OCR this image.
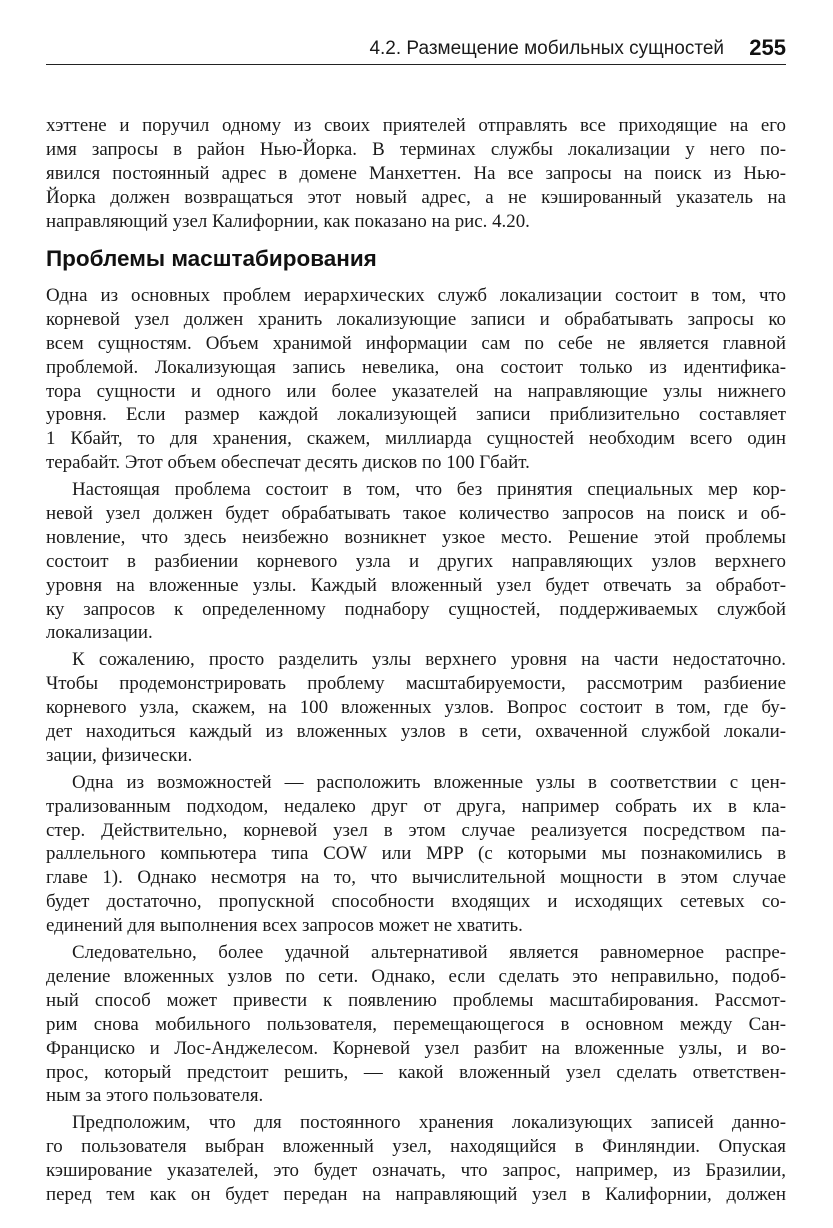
4.2. Размещение мобильных сущностей 255
хэттене и поручил одному из своих приятелей отправлять все приходящие на его
имя запросы в район Нью-Йорка. В терминах службы локализации у него по-
явился постоянный адрес в домене Манхеттен. На все запросы на поиск из Нью-
Йорка должен возвращаться этот новый адрес, а не кэшированный указатель на
направляющий узел Калифорнии, как показано на рис. 4.20.
Проблемы масштабирования
Одна из основных проблем иерархических служб локализации состоит в том, что
корневой узел должен хранить локализующие записи и обрабатывать запросы ко
всем сущностям. Объем хранимой информации сам по себе не является главной
проблемой. Локализующая запись невелика, она состоит только из идентифика-
тора сущности и одного или более указателей на направляющие узлы нижнего
уровня. Если размер каждой локализующей записи приблизительно составляет
1 Кбайт, то для хранения, скажем, миллиарда сущностей необходим всего один
терабайт. Этот объем обеспечат десять дисков по 100 Гбайт.
Настоящая проблема состоит в том, что без принятия специальных мер кор-
невой узел должен будет обрабатывать такое количество запросов на поиск и об-
новление, что здесь неизбежно возникнет узкое место. Решение этой проблемы
состоит в разбиении корневого узла и других направляющих узлов верхнего
уровня на вложенные узлы. Каждый вложенный узел будет отвечать за обработ-
ку запросов к определенному поднабору сущностей, поддерживаемых службой
локализации.
К сожалению, просто разделить узлы верхнего уровня на части недостаточно.
Чтобы продемонстрировать проблему масштабируемости, рассмотрим разбиение
корневого узла, скажем, на 100 вложенных узлов. Вопрос состоит в том, где бу-
дет находиться каждый из вложенных узлов в сети, охваченной службой локали-
зации, физически.
Одна из возможностей — расположить вложенные узлы в соответствии с цен-
трализованным подходом, недалеко друг от друга, например собрать их в кла-
стер. Действительно, корневой узел в этом случае реализуется посредством па-
раллельного компьютера типа COW или MPP (с которыми мы познакомились в
главе 1). Однако несмотря на то, что вычислительной мощности в этом случае
будет достаточно, пропускной способности входящих и исходящих сетевых со-
единений для выполнения всех запросов может не хватить.
Следовательно, более удачной альтернативой является равномерное распре-
деление вложенных узлов по сети. Однако, если сделать это неправильно, подоб-
ный способ может привести к появлению проблемы масштабирования. Рассмот-
рим снова мобильного пользователя, перемещающегося в основном между Сан-
Франциско и Лос-Анджелесом. Корневой узел разбит на вложенные узлы, и во-
прос, который предстоит решить, — какой вложенный узел сделать ответствен-
ным за этого пользователя.
Предположим, что для постоянного хранения локализующих записей данно-
го пользователя выбран вложенный узел, находящийся в Финляндии. Опуская
кэширование указателей, это будет означать, что запрос, например, из Бразилии,
перед тем как он будет передан на направляющий узел в Калифорнии, должен
